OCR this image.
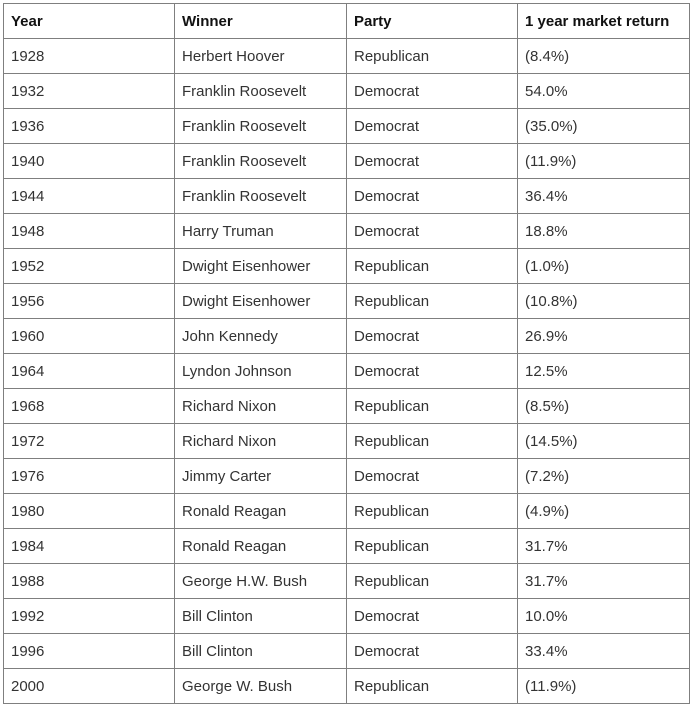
Year	Winner	Party	1 year market return
1928	Herbert Hoover	Republican	(8.4%)
1932	Franklin Roosevelt	Democrat	54.0%
1936	Franklin Roosevelt	Democrat	(35.0%)
1940	Franklin Roosevelt	Democrat	(11.9%)
1944	Franklin Roosevelt	Democrat	36.4%
1948	Harry Truman	Democrat	18.8%
1952	Dwight Eisenhower	Republican	(1.0%)
1956	Dwight Eisenhower	Republican	(10.8%)
1960	John Kennedy	Democrat	26.9%
1964	Lyndon Johnson	Democrat	12.5%
1968	Richard Nixon	Republican	(8.5%)
1972	Richard Nixon	Republican	(14.5%)
1976	Jimmy Carter	Democrat	(7.2%)
1980	Ronald Reagan	Republican	(4.9%)
1984	Ronald Reagan	Republican	31.7%
1988	George H.W. Bush	Republican	31.7%
1992	Bill Clinton	Democrat	10.0%
1996	Bill Clinton	Democrat	33.4%
2000	George W. Bush	Republican	(11.9%)
